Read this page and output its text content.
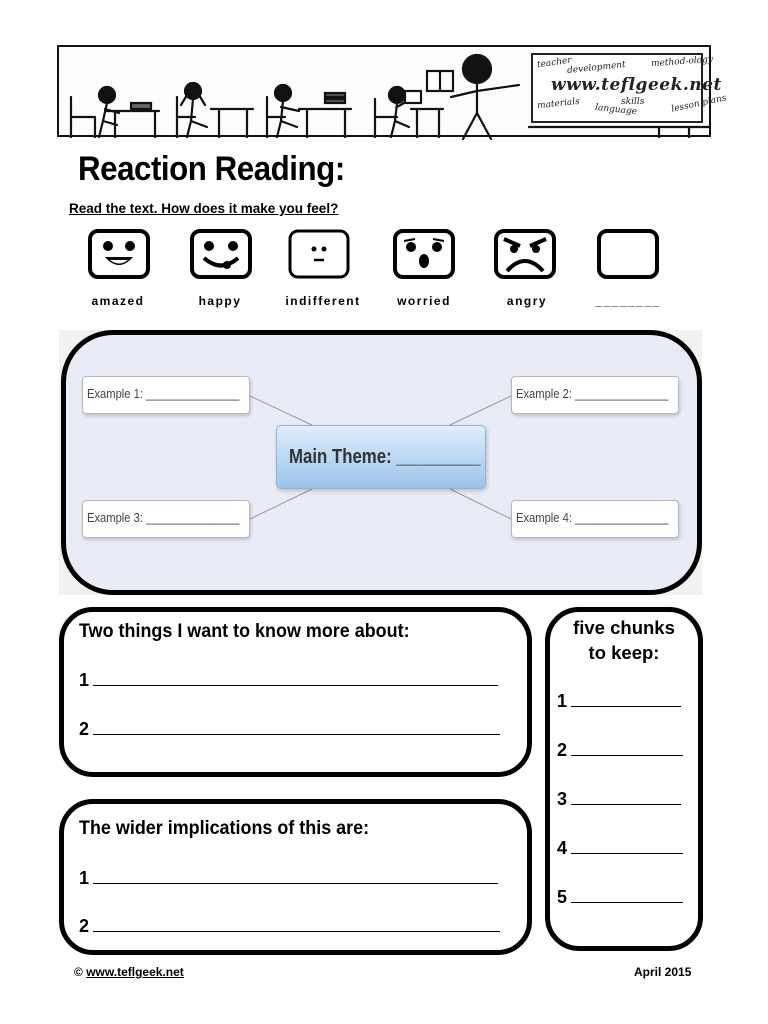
teacher
development	method-ology
materials language
skills	lesson plans
www.teflgeek.net
Reaction Reading:
Read the text. How does it make you feel?
amazed	happy	indifferent	worried	angry	________
Example 1: _______________	Example 2: _______________
Example 3: _______________	Example 4: _______________
Main Theme: _________
Two things I want to know more about:
1
2
The wider implications of this are:
1
2
five chunks
to keep:
1
2
3
4
5
© www.teflgeek.net	April 2015
